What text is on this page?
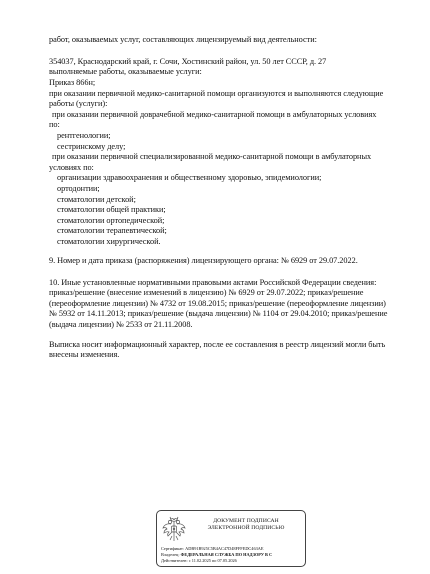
работ, оказываемых услуг, составляющих лицензируемый вид деятельности:
354037, Краснодарский край, г. Сочи, Хостинский район, ул. 50 лет СССР, д. 27
выполняемые работы, оказываемые услуги:
Приказ 866н;
при оказании первичной медико-санитарной помощи организуются и выполняются следующие
работы (услуги):
при оказании первичной доврачебной медико-санитарной помощи в амбулаторных условиях
по:
рентгенологии;
сестринскому делу;
при оказании первичной специализированной медико-санитарной помощи в амбулаторных
условиях по:
организации здравоохранения и общественному здоровью, эпидемиологии;
ортодонтии;
стоматологии детской;
стоматологии общей практики;
стоматологии ортопедической;
стоматологии терапевтической;
стоматологии хирургической.
9. Номер и дата приказа (распоряжения) лицензирующего органа: № 6929 от 29.07.2022.
10. Иные установленные нормативными правовыми актами Российской Федерации сведения:
приказ/решение (внесение изменений в лицензию) № 6929 от 29.07.2022; приказ/решение
(переоформление лицензии) № 4732 от 19.08.2015; приказ/решение (переоформление лицензии)
№ 5932 от 14.11.2013; приказ/решение (выдача лицензии) № 1104 от 29.04.2010; приказ/решение
(выдача лицензии) № 2533 от 21.11.2008.
Выписка носит информационный характер, после ее составления в реестр лицензий могли быть
внесены изменения.
ДОКУМЕНТ ПОДПИСАН
ЭЛЕКТРОННОЙ ПОДПИСЬЮ
Сертификат: ADB91B925C5B4AC47D48FFFEDC463AE
Владелец: ФЕДЕРАЛЬНАЯ СЛУЖБА ПО НАДЗОРУ В С
Действителен: с 11.02.2025 по 07.05.2026
